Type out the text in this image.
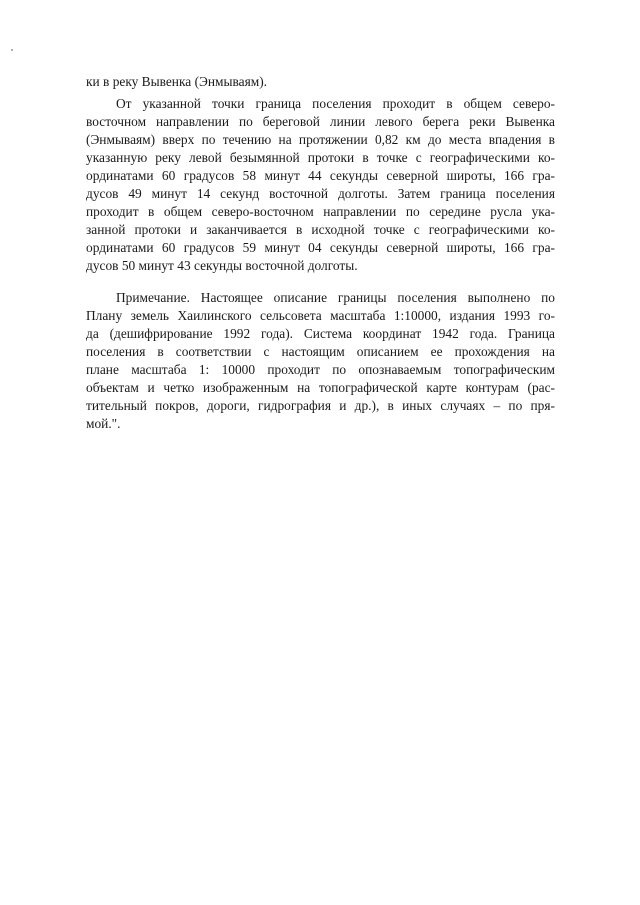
ки в реку Вывенка (Энмываям).
От указанной точки граница поселения проходит в общем северо-
восточном направлении по береговой линии левого берега реки Вывенка
(Энмываям) вверх по течению на протяжении 0,82 км до места впадения в
указанную реку левой безымянной протоки в точке с географическими ко-
ординатами 60 градусов 58 минут 44 секунды северной широты, 166 гра-
дусов 49 минут 14 секунд восточной долготы. Затем граница поселения
проходит в общем северо-восточном направлении по середине русла ука-
занной протоки и заканчивается в исходной точке с географическими ко-
ординатами 60 градусов 59 минут 04 секунды северной широты, 166 гра-
дусов 50 минут 43 секунды восточной долготы.
Примечание. Настоящее описание границы поселения выполнено по
Плану земель Хаилинского сельсовета масштаба 1:10000, издания 1993 го-
да (дешифрирование 1992 года). Система координат 1942 года. Граница
поселения в соответствии с настоящим описанием ее прохождения на
плане масштаба 1: 10000 проходит по опознаваемым топографическим
объектам и четко изображенным на топографической карте контурам (рас-
тительный покров, дороги, гидрография и др.), в иных случаях – по пря-
мой.".
